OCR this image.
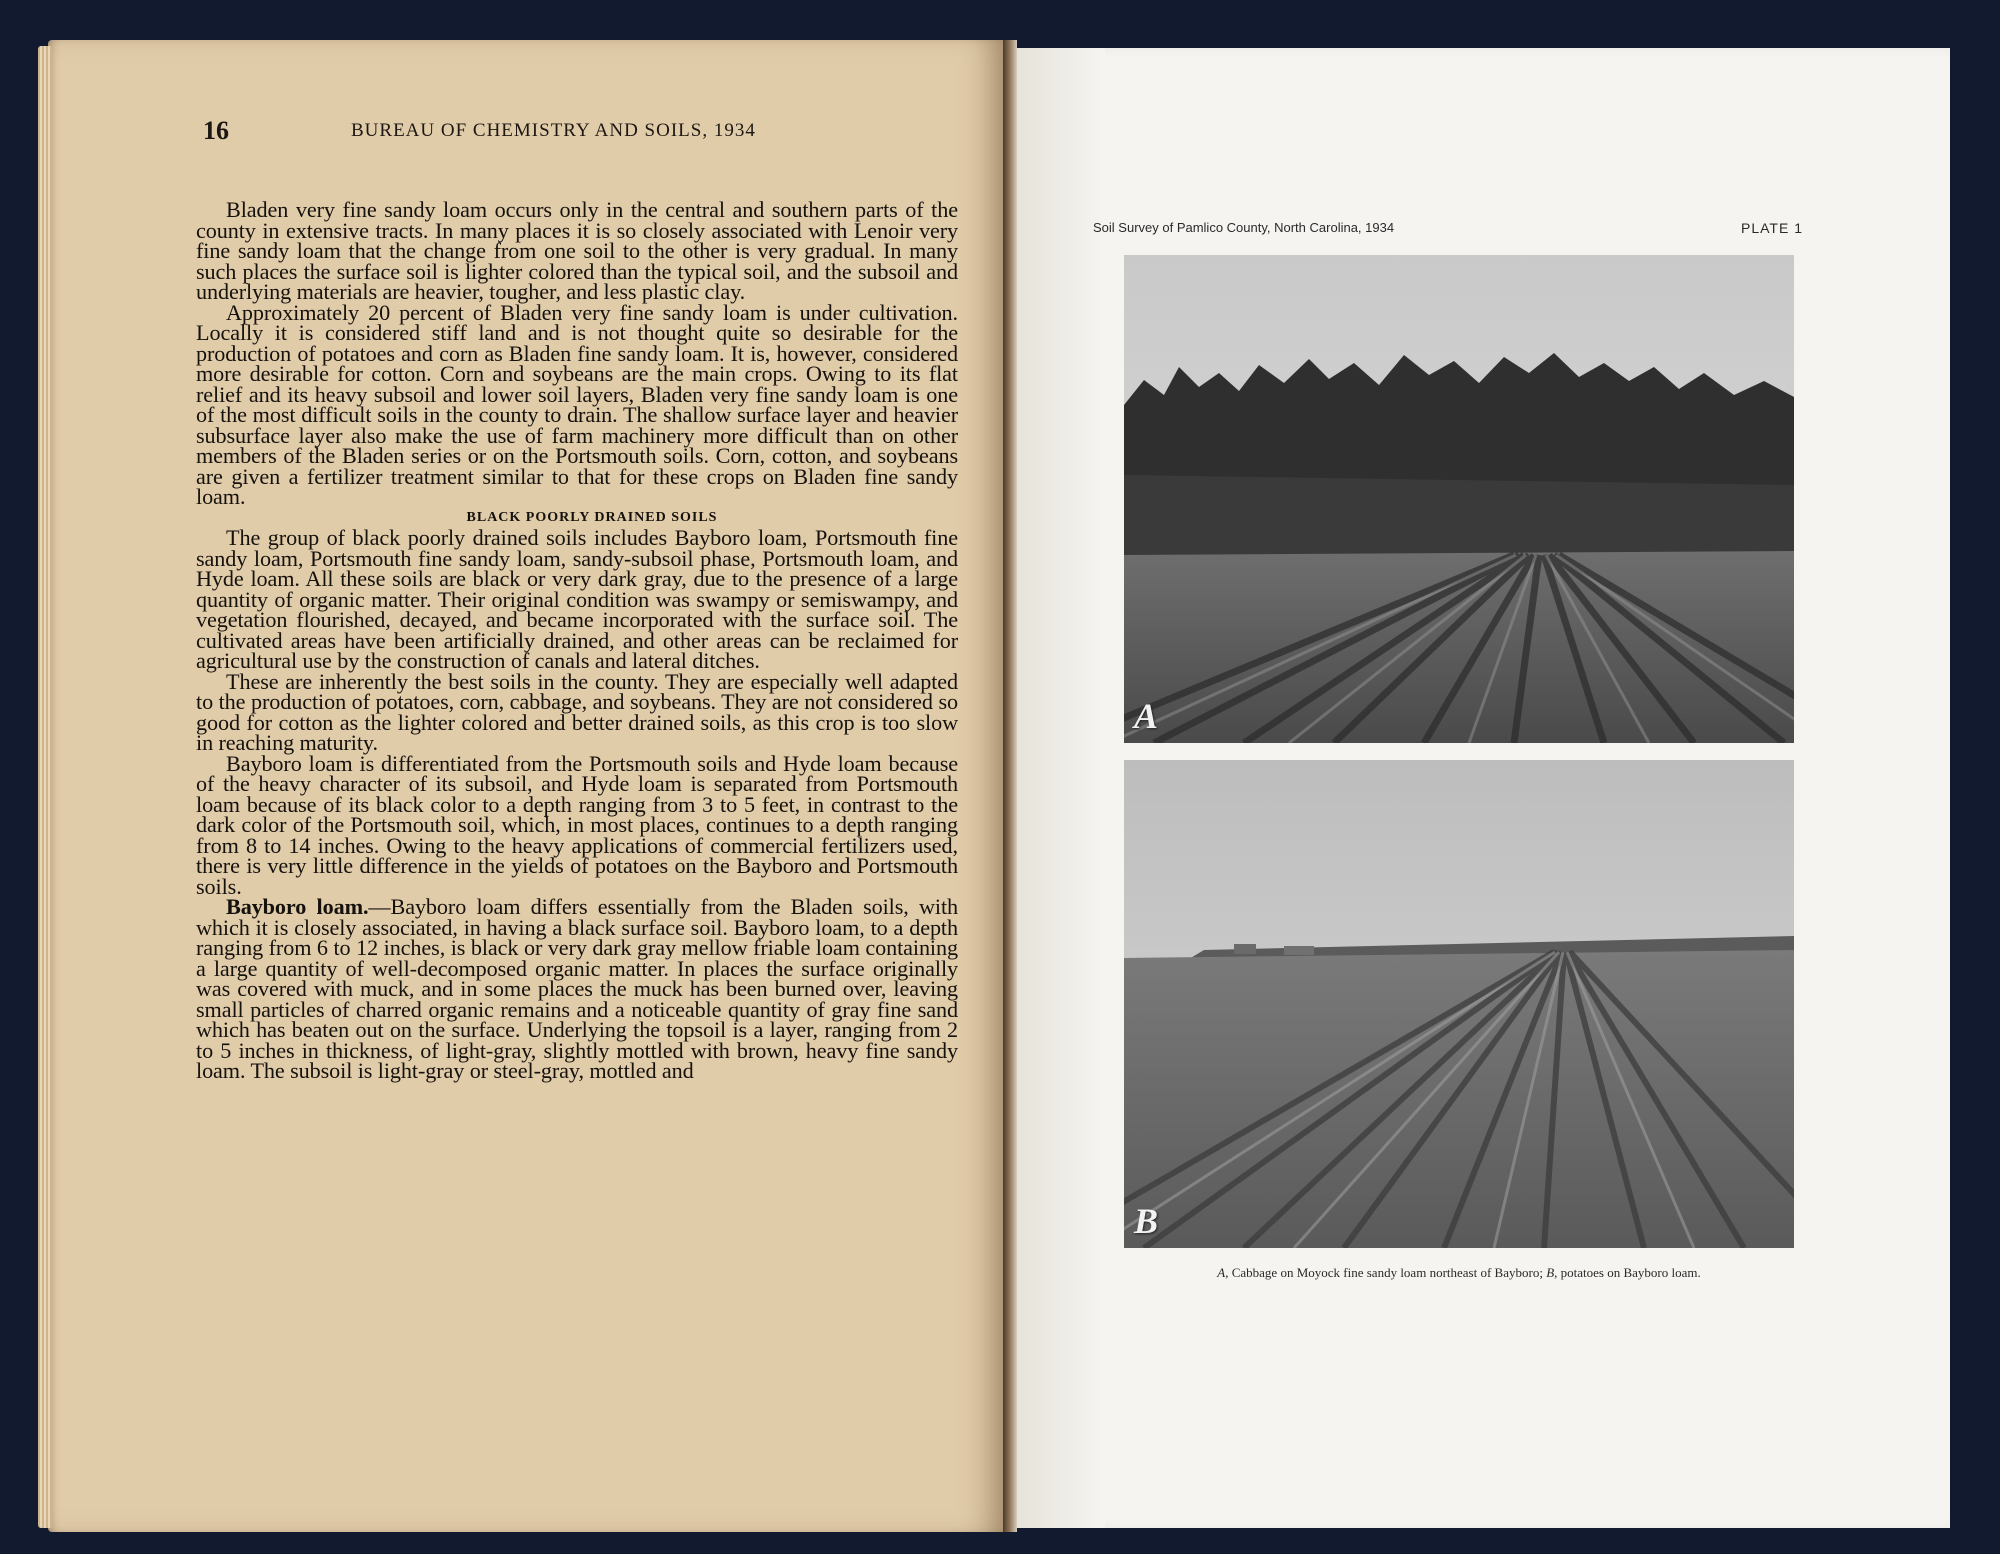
16	BUREAU OF CHEMISTRY AND SOILS, 1934

Bladen very fine sandy loam occurs only in the central and southern parts of the county in extensive tracts. In many places it is so closely associated with Lenoir very fine sandy loam that the change from one soil to the other is very gradual. In many such places the surface soil is lighter colored than the typical soil, and the subsoil and underlying materials are heavier, tougher, and less plastic clay.

Approximately 20 percent of Bladen very fine sandy loam is under cultivation. Locally it is considered stiff land and is not thought quite so desirable for the production of potatoes and corn as Bladen fine sandy loam. It is, however, considered more desirable for cotton. Corn and soybeans are the main crops. Owing to its flat relief and its heavy subsoil and lower soil layers, Bladen very fine sandy loam is one of the most difficult soils in the county to drain. The shallow surface layer and heavier subsurface layer also make the use of farm machinery more difficult than on other members of the Bladen series or on the Portsmouth soils. Corn, cotton, and soybeans are given a fertilizer treatment similar to that for these crops on Bladen fine sandy loam.

BLACK POORLY DRAINED SOILS

The group of black poorly drained soils includes Bayboro loam, Portsmouth fine sandy loam, Portsmouth fine sandy loam, sandy-subsoil phase, Portsmouth loam, and Hyde loam. All these soils are black or very dark gray, due to the presence of a large quantity of organic matter. Their original condition was swampy or semiswampy, and vegetation flourished, decayed, and became incorporated with the surface soil. The cultivated areas have been artificially drained, and other areas can be reclaimed for agricultural use by the construction of canals and lateral ditches.

These are inherently the best soils in the county. They are especially well adapted to the production of potatoes, corn, cabbage, and soybeans. They are not considered so good for cotton as the lighter colored and better drained soils, as this crop is too slow in reaching maturity.

Bayboro loam is differentiated from the Portsmouth soils and Hyde loam because of the heavy character of its subsoil, and Hyde loam is separated from Portsmouth loam because of its black color to a depth ranging from 3 to 5 feet, in contrast to the dark color of the Portsmouth soil, which, in most places, continues to a depth ranging from 8 to 14 inches. Owing to the heavy applications of commercial fertilizers used, there is very little difference in the yields of potatoes on the Bayboro and Portsmouth soils.

Bayboro loam.—Bayboro loam differs essentially from the Bladen soils, with which it is closely associated, in having a black surface soil. Bayboro loam, to a depth ranging from 6 to 12 inches, is black or very dark gray mellow friable loam containing a large quantity of well-decomposed organic matter. In places the surface originally was covered with muck, and in some places the muck has been burned over, leaving small particles of charred organic remains and a noticeable quantity of gray fine sand which has beaten out on the surface. Underlying the topsoil is a layer, ranging from 2 to 5 inches in thickness, of light-gray, slightly mottled with brown, heavy fine sandy loam. The subsoil is light-gray or steel-gray, mottled and

Soil Survey of Pamlico County, North Carolina, 1934	PLATE 1
A
B
A, Cabbage on Moyock fine sandy loam northeast of Bayboro; B, potatoes on Bayboro loam.
